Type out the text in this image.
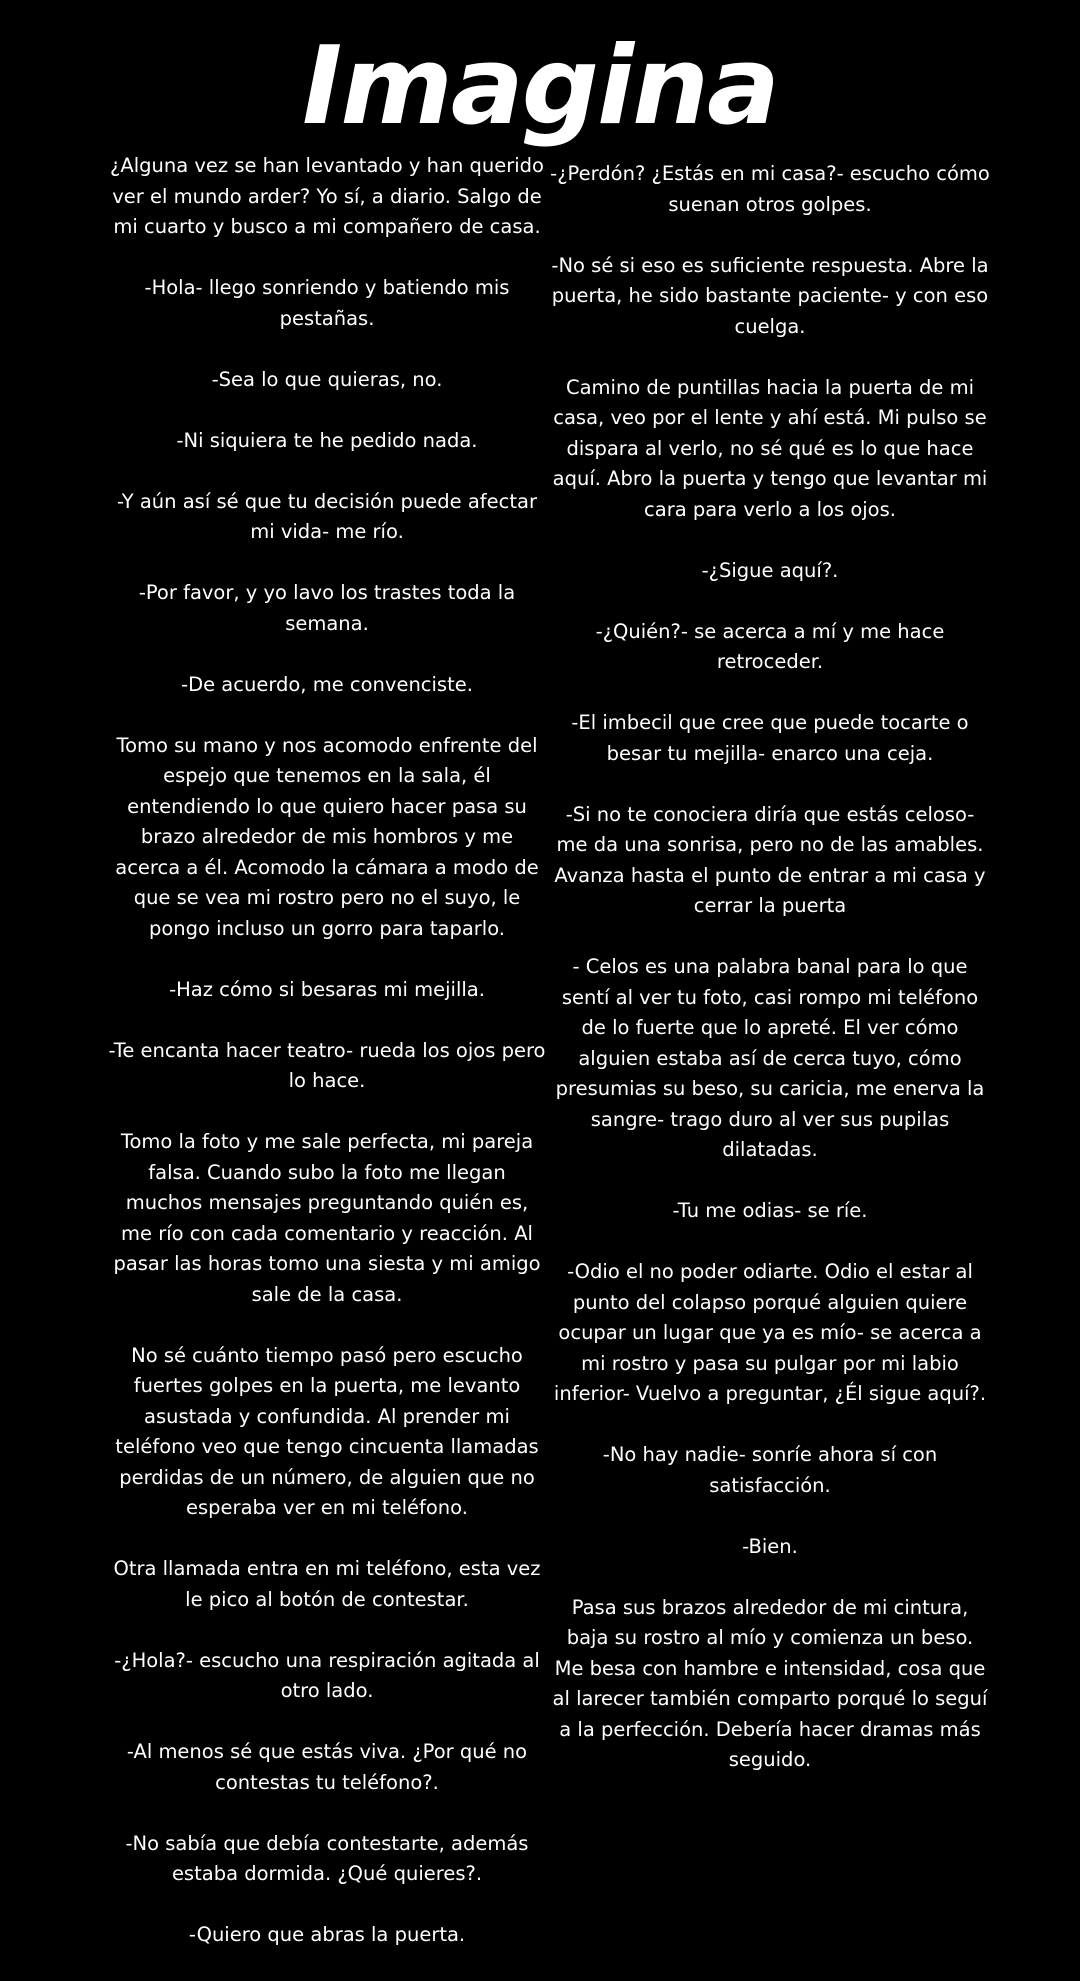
Imagina

¿Alguna vez se han levantado y han querido ver el mundo arder? Yo sí, a diario. Salgo de mi cuarto y busco a mi compañero de casa.

-Hola- llego sonriendo y batiendo mis pestañas.

-Sea lo que quieras, no.

-Ni siquiera te he pedido nada.

-Y aún así sé que tu decisión puede afectar mi vida- me río.

-Por favor, y yo lavo los trastes toda la semana.

-De acuerdo, me convenciste.

Tomo su mano y nos acomodo enfrente del espejo que tenemos en la sala, él entendiendo lo que quiero hacer pasa su brazo alrededor de mis hombros y me acerca a él. Acomodo la cámara a modo de que se vea mi rostro pero no el suyo, le pongo incluso un gorro para taparlo.

-Haz cómo si besaras mi mejilla.

-Te encanta hacer teatro- rueda los ojos pero lo hace.

Tomo la foto y me sale perfecta, mi pareja falsa. Cuando subo la foto me llegan muchos mensajes preguntando quién es, me río con cada comentario y reacción. Al pasar las horas tomo una siesta y mi amigo sale de la casa.

No sé cuánto tiempo pasó pero escucho fuertes golpes en la puerta, me levanto asustada y confundida. Al prender mi teléfono veo que tengo cincuenta llamadas perdidas de un número, de alguien que no esperaba ver en mi teléfono.

Otra llamada entra en mi teléfono, esta vez le pico al botón de contestar.

-¿Hola?- escucho una respiración agitada al otro lado.

-Al menos sé que estás viva. ¿Por qué no contestas tu teléfono?.

-No sabía que debía contestarte, además estaba dormida. ¿Qué quieres?.

-Quiero que abras la puerta.

-¿Perdón? ¿Estás en mi casa?- escucho cómo suenan otros golpes.

-No sé si eso es suficiente respuesta. Abre la puerta, he sido bastante paciente- y con eso cuelga.

Camino de puntillas hacia la puerta de mi casa, veo por el lente y ahí está. Mi pulso se dispara al verlo, no sé qué es lo que hace aquí. Abro la puerta y tengo que levantar mi cara para verlo a los ojos.

-¿Sigue aquí?.

-¿Quién?- se acerca a mí y me hace retroceder.

-El imbecil que cree que puede tocarte o besar tu mejilla- enarco una ceja.

-Si no te conociera diría que estás celoso- me da una sonrisa, pero no de las amables. Avanza hasta el punto de entrar a mi casa y cerrar la puerta

- Celos es una palabra banal para lo que sentí al ver tu foto, casi rompo mi teléfono de lo fuerte que lo apreté. El ver cómo alguien estaba así de cerca tuyo, cómo presumias su beso, su caricia, me enerva la sangre- trago duro al ver sus pupilas dilatadas.

-Tu me odias- se ríe.

-Odio el no poder odiarte. Odio el estar al punto del colapso porqué alguien quiere ocupar un lugar que ya es mío- se acerca a mi rostro y pasa su pulgar por mi labio inferior- Vuelvo a preguntar, ¿Él sigue aquí?.

-No hay nadie- sonríe ahora sí con satisfacción.

-Bien.

Pasa sus brazos alrededor de mi cintura, baja su rostro al mío y comienza un beso. Me besa con hambre e intensidad, cosa que al larecer también comparto porqué lo seguí a la perfección. Debería hacer dramas más seguido.
